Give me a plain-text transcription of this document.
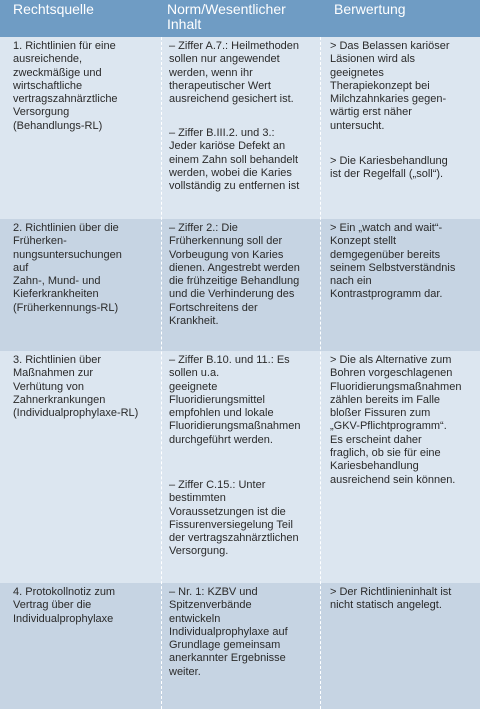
Rechtsquelle	Norm/Wesentlicher
Inhalt
Berwertung
1. Richtlinien für eine
ausreichende,
zweckmäßige und
wirtschaftliche
vertragszahnärztliche
Versorgung
(Behandlungs-RL)
– Ziffer A.7.: Heilmethoden
sollen nur angewendet
werden, wenn ihr
therapeutischer Wert
ausreichend gesichert ist.
– Ziffer B.III.2. und 3.:
Jeder kariöse Defekt an
einem Zahn soll behandelt
werden, wobei die Karies
vollständig zu entfernen ist
> Das Belassen kariöser
Läsionen wird als
geeignetes
Therapiekonzept bei
Milchzahnkaries gegen-
wärtig erst näher
untersucht.
> Die Kariesbehandlung
ist der Regelfall („soll“).
2. Richtlinien über die
Früherken-
nungsuntersuchungen
auf
Zahn-, Mund- und
Kieferkrankheiten
(Früherkennungs-RL)
– Ziffer 2.: Die
Früherkennung soll der
Vorbeugung von Karies
dienen. Angestrebt werden
die frühzeitige Behandlung
und die Verhinderung des
Fortschreitens der
Krankheit.
> Ein „watch and wait“-
Konzept stellt
demgegenüber bereits
seinem Selbstverständnis
nach ein
Kontrastprogramm dar.
3. Richtlinien über
Maßnahmen zur
Verhütung von
Zahnerkrankungen
(Individualprophylaxe-RL)
– Ziffer B.10. und 11.: Es
sollen u.a.
geeignete
Fluoridierungsmittel
empfohlen und lokale
Fluoridierungsmaßnahmen
durchgeführt werden.
– Ziffer C.15.: Unter
bestimmten
Voraussetzungen ist die
Fissurenversiegelung Teil
der vertragszahnärztlichen
Versorgung.
> Die als Alternative zum
Bohren vorgeschlagenen
Fluoridierungsmaßnahmen
zählen bereits im Falle
bloßer Fissuren zum
„GKV-Pflichtprogramm“.
Es erscheint daher
fraglich, ob sie für eine
Kariesbehandlung
ausreichend sein können.
4. Protokollnotiz zum
Vertrag über die
Individualprophylaxe
– Nr. 1: KZBV und
Spitzenverbände
entwickeln
Individualprophylaxe auf
Grundlage gemeinsam
anerkannter Ergebnisse
weiter.
> Der Richtlinieninhalt ist
nicht statisch angelegt.
